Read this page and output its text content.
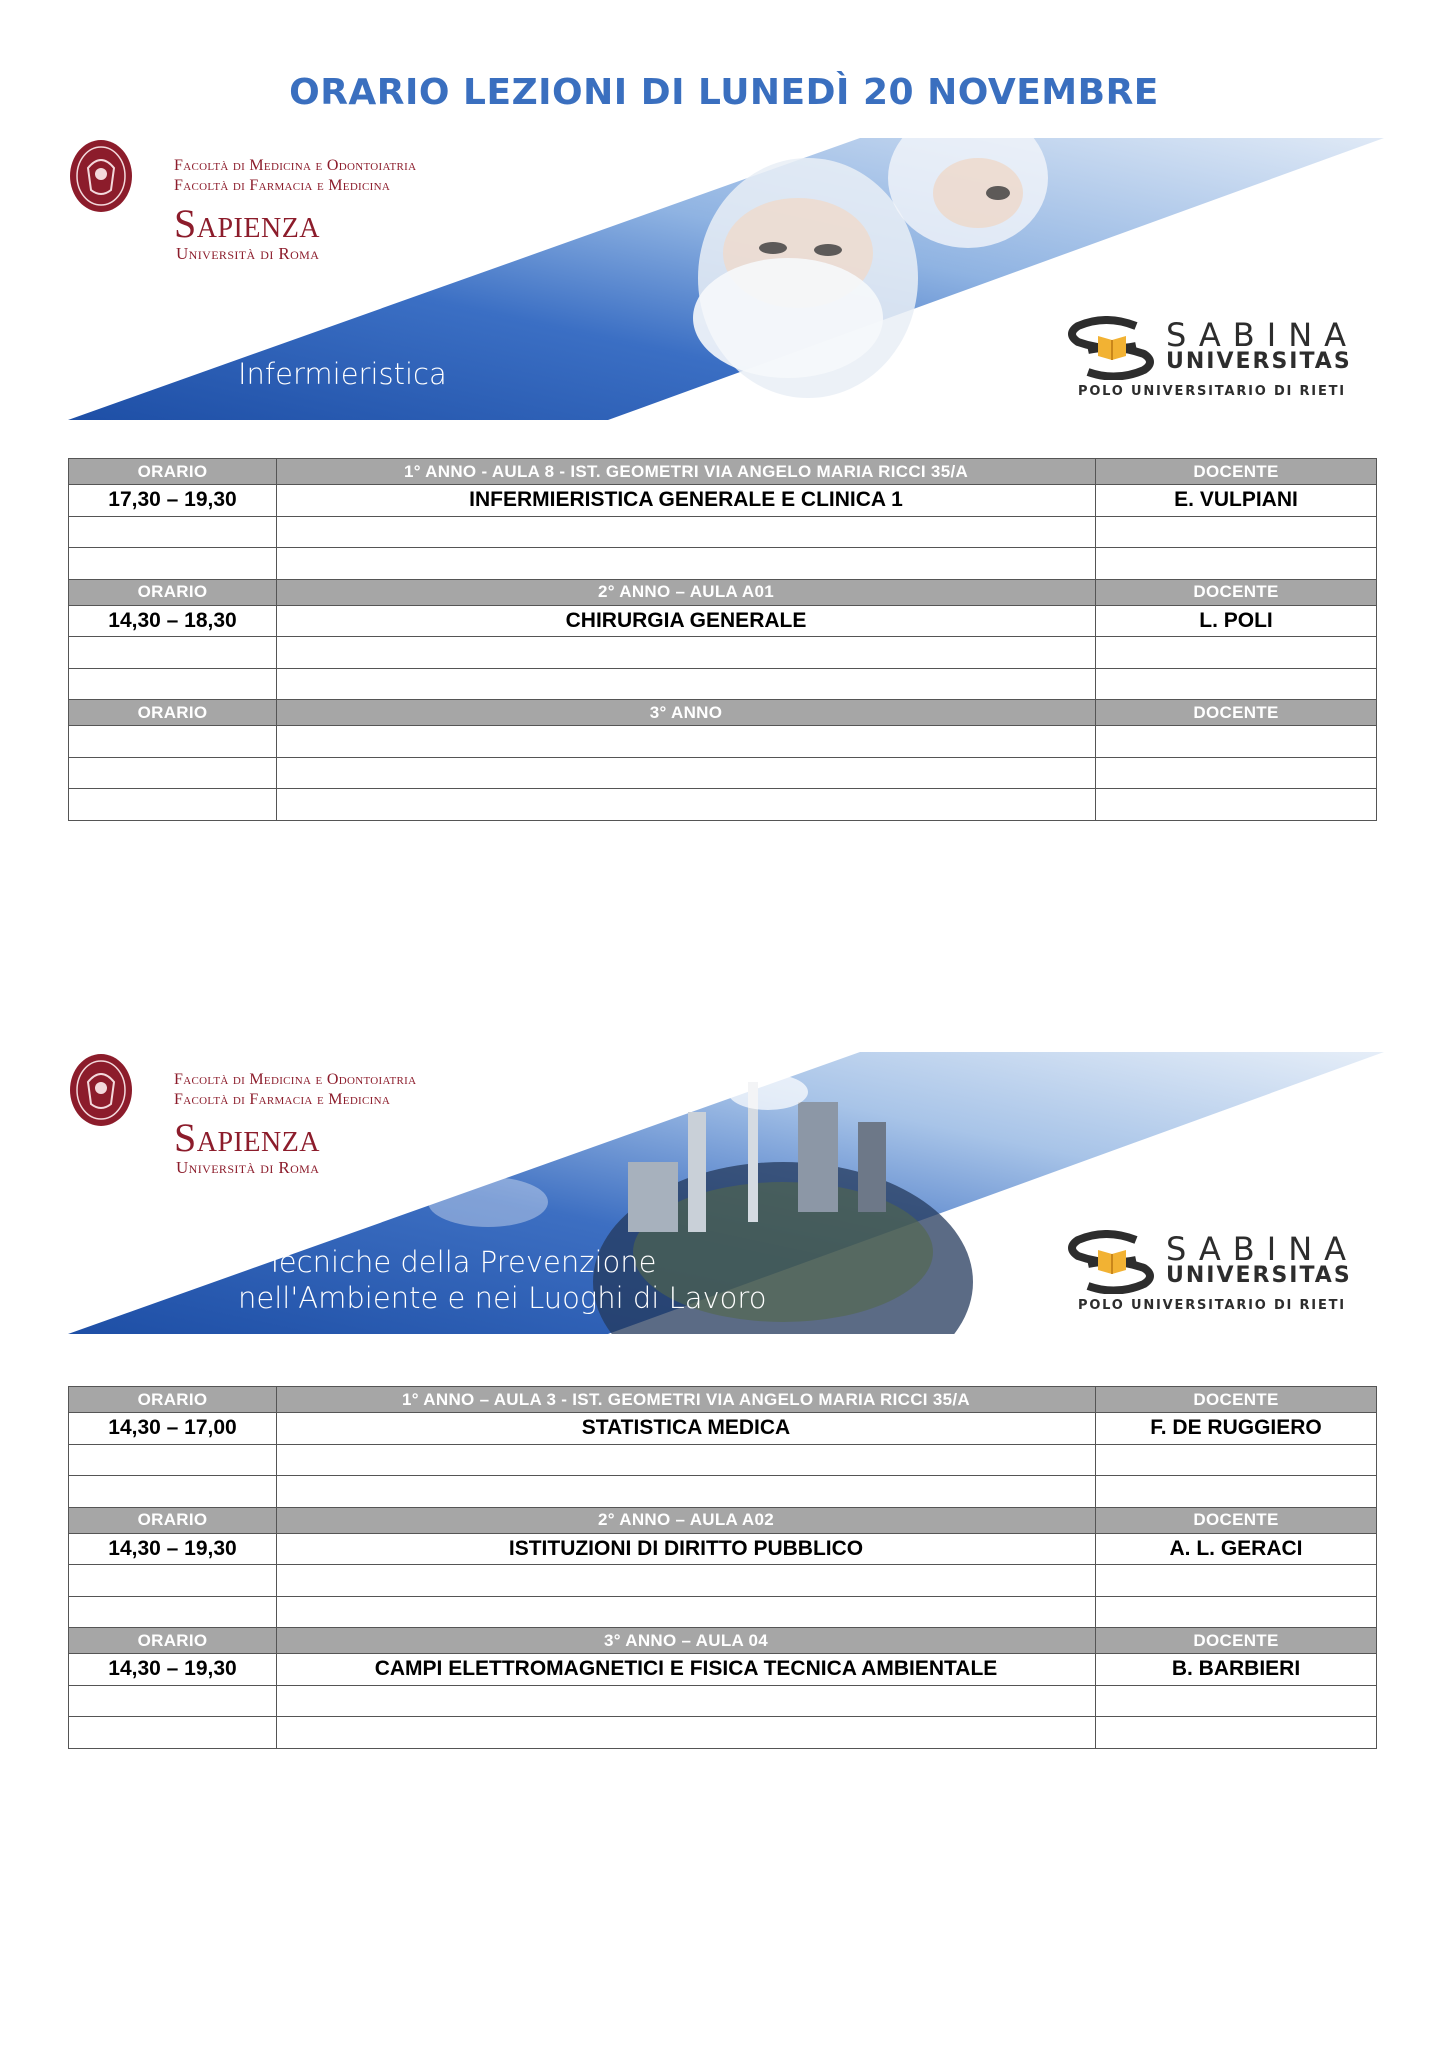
ORARIO LEZIONI DI LUNEDÌ 20 NOVEMBRE
Facoltà di Medicina e Odontoiatria
Facoltà di Farmacia e Medicina
Sapienza
Università di Roma
Infermieristica
SABINA
UNIVERSITAS
POLO UNIVERSITARIO DI RIETI
ORARIO	1° ANNO - AULA 8 - IST. GEOMETRI VIA ANGELO MARIA RICCI 35/A	DOCENTE
17,30 – 19,30	INFERMIERISTICA GENERALE E CLINICA 1	E. VULPIANI

ORARIO	2° ANNO – AULA A01	DOCENTE
14,30 – 18,30	CHIRURGIA GENERALE	L. POLI

ORARIO	3° ANNO	DOCENTE

Facoltà di Medicina e Odontoiatria
Facoltà di Farmacia e Medicina
Sapienza
Università di Roma
Tecniche della Prevenzione
nell'Ambiente e nei Luoghi di Lavoro
SABINA
UNIVERSITAS
POLO UNIVERSITARIO DI RIETI
ORARIO	1° ANNO – AULA 3 - IST. GEOMETRI VIA ANGELO MARIA RICCI 35/A	DOCENTE
14,30 – 17,00	STATISTICA MEDICA	F. DE RUGGIERO

ORARIO	2° ANNO – AULA A02	DOCENTE
14,30 – 19,30	ISTITUZIONI DI DIRITTO PUBBLICO	A. L. GERACI

ORARIO	3° ANNO – AULA 04	DOCENTE
14,30 – 19,30	CAMPI ELETTROMAGNETICI E FISICA TECNICA AMBIENTALE	B. BARBIERI
